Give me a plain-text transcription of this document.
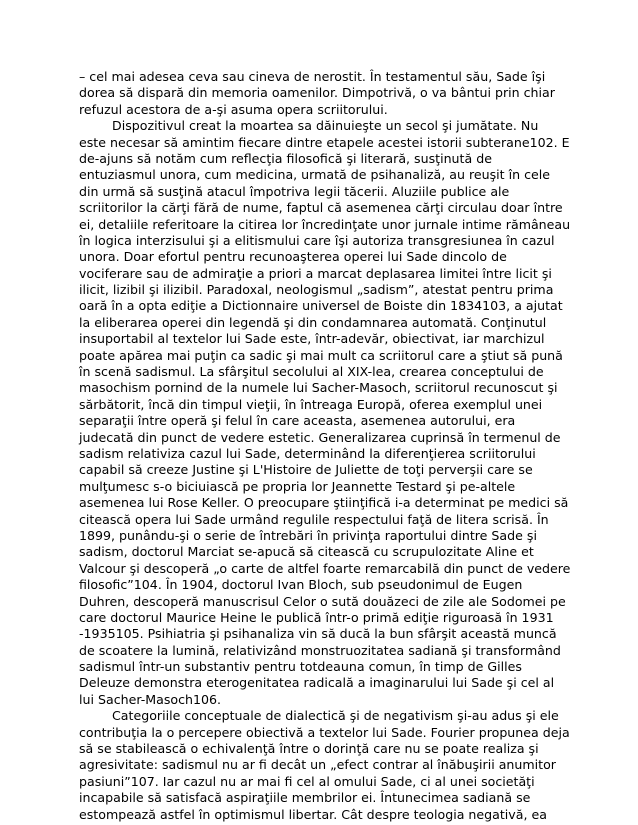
– cel mai adesea ceva sau cineva de nerostit. În testamentul său, Sade îşi
dorea să dispară din memoria oamenilor. Dimpotrivă, o va bântui prin chiar
refuzul acestora de a-şi asuma opera scriitorului.
Dispozitivul creat la moartea sa dăinuieşte un secol şi jumătate. Nu
este necesar să amintim fiecare dintre etapele acestei istorii subterane102. E
de-ajuns să notăm cum reflecţia filosofică şi literară, susţinută de
entuziasmul unora, cum medicina, urmată de psihanaliză, au reuşit în cele
din urmă să susţină atacul împotriva legii tăcerii. Aluziile publice ale
scriitorilor la cărţi fără de nume, faptul că asemenea cărţi circulau doar între
ei, detaliile referitoare la citirea lor încredinţate unor jurnale intime rămâneau
în logica interzisului şi a elitismului care îşi autoriza transgresiunea în cazul
unora. Doar efortul pentru recunoaşterea operei lui Sade dincolo de
vociferare sau de admiraţie a priori a marcat deplasarea limitei între licit şi
ilicit, lizibil şi ilizibil. Paradoxal, neologismul „sadism”, atestat pentru prima
oară în a opta ediţie a Dictionnaire universel de Boiste din 1834103, a ajutat
la eliberarea operei din legendă şi din condamnarea automată. Conţinutul
insuportabil al textelor lui Sade este, într-adevăr, obiectivat, iar marchizul
poate apărea mai puţin ca sadic şi mai mult ca scriitorul care a ştiut să pună
în scenă sadismul. La sfârşitul secolului al XIX-lea, crearea conceptului de
masochism pornind de la numele lui Sacher-Masoch, scriitorul recunoscut şi
sărbătorit, încă din timpul vieţii, în întreaga Europă, oferea exemplul unei
separaţii între operă şi felul în care aceasta, asemenea autorului, era
judecată din punct de vedere estetic. Generalizarea cuprinsă în termenul de
sadism relativiza cazul lui Sade, determinând la diferenţierea scriitorului
capabil să creeze Justine şi L'Histoire de Juliette de toţi perverşii care se
mulţumesc s-o biciuiască pe propria lor Jeannette Testard şi pe-altele
asemenea lui Rose Keller. O preocupare ştiinţifică i-a determinat pe medici să
citească opera lui Sade urmând regulile respectului faţă de litera scrisă. În
1899, punându-şi o serie de întrebări în privinţa raportului dintre Sade şi
sadism, doctorul Marciat se-apucă să citească cu scrupulozitate Aline et
Valcour şi descoperă „o carte de altfel foarte remarcabilă din punct de vedere
filosofic”104. În 1904, doctorul Ivan Bloch, sub pseudonimul de Eugen
Duhren, descoperă manuscrisul Celor o sută douăzeci de zile ale Sodomei pe
care doctorul Maurice Heine le publică într-o primă ediţie riguroasă în 1931
-1935105. Psihiatria şi psihanaliza vin să ducă la bun sfârşit această muncă
de scoatere la lumină, relativizând monstruozitatea sadiană şi transformând
sadismul într-un substantiv pentru totdeauna comun, în timp de Gilles
Deleuze demonstra eterogenitatea radicală a imaginarului lui Sade şi cel al
lui Sacher-Masoch106.
Categoriile conceptuale de dialectică şi de negativism şi-au adus şi ele
contribuţia la o percepere obiectivă a textelor lui Sade. Fourier propunea deja
să se stabilească o echivalenţă între o dorinţă care nu se poate realiza şi
agresivitate: sadismul nu ar fi decât un „efect contrar al înăbuşirii anumitor
pasiuni”107. Iar cazul nu ar mai fi cel al omului Sade, ci al unei societăţi
incapabile să satisfacă aspiraţiile membrilor ei. Întunecimea sadiană se
estompează astfel în optimismul libertar. Cât despre teologia negativă, ea
